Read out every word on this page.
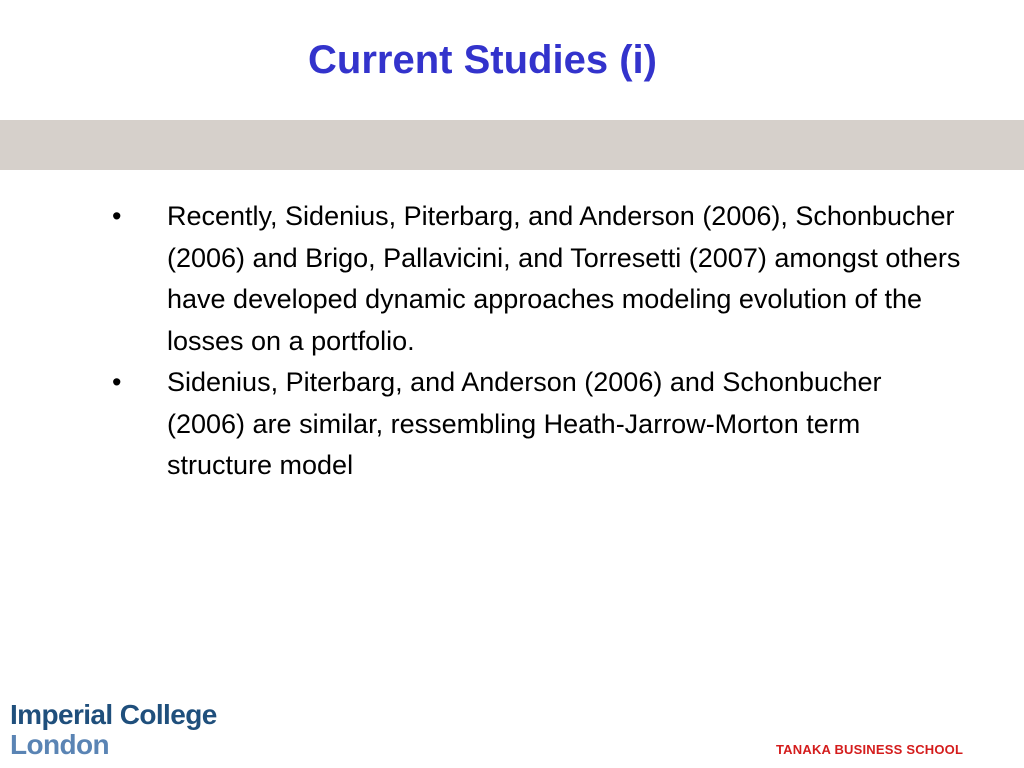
Current Studies (i)
• Recently, Sidenius, Piterbarg, and Anderson (2006), Schonbucher (2006) and Brigo, Pallavicini, and Torresetti (2007) amongst others have developed dynamic approaches modeling evolution of the losses on a portfolio.
• Sidenius, Piterbarg, and Anderson (2006) and Schonbucher (2006) are similar, ressembling Heath-Jarrow-Morton term structure model
Imperial College
London	TANAKA BUSINESS SCHOOL
